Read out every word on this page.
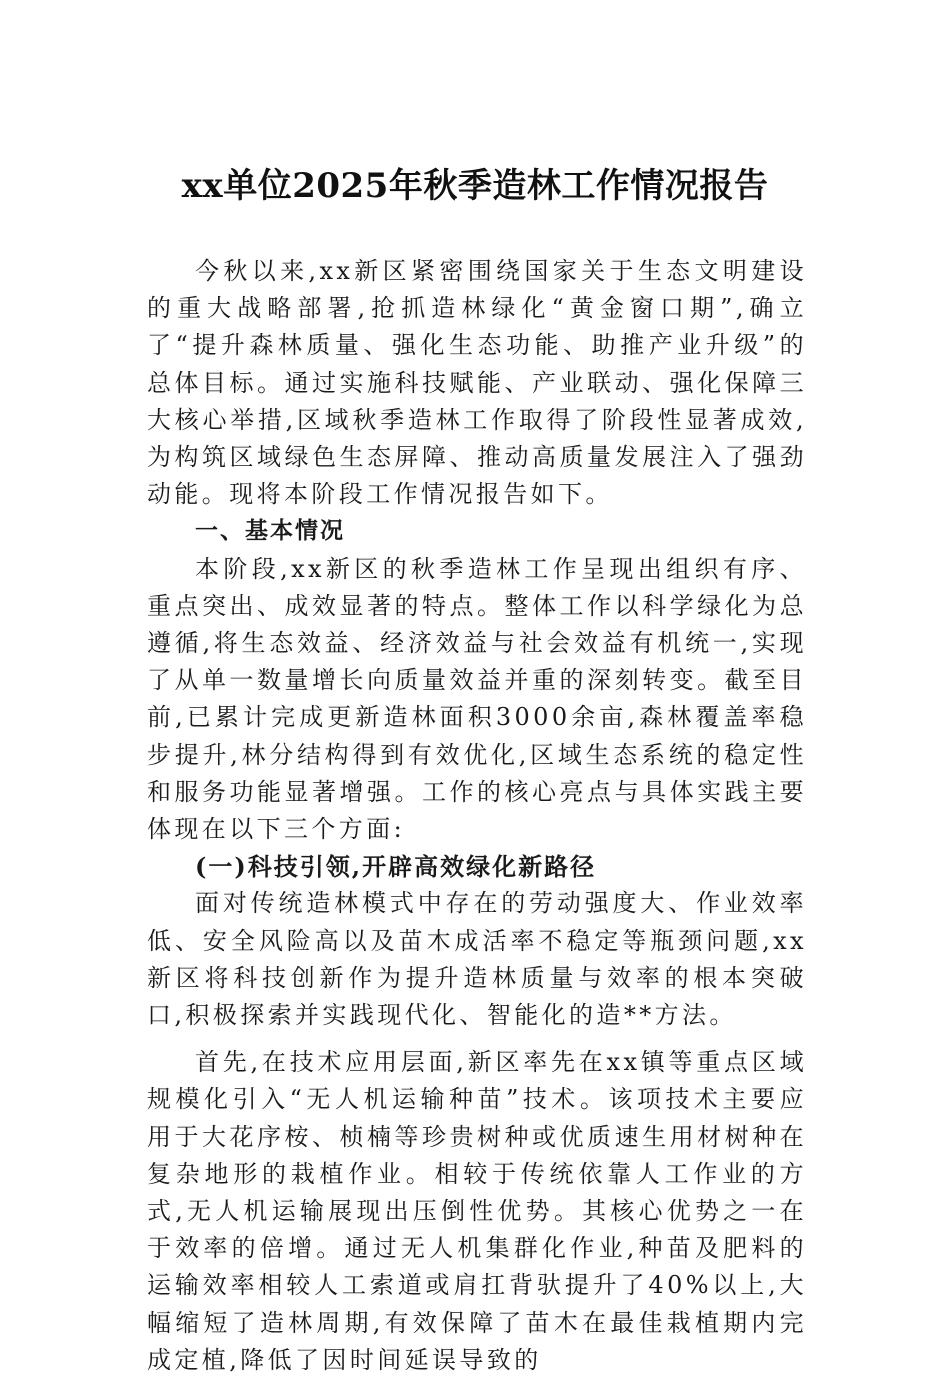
xx单位2025年秋季造林工作情况报告

今秋以来,xx新区紧密围绕国家关于生态文明建设的重大战略部署,抢抓造林绿化“黄金窗口期”,确立了“提升森林质量、强化生态功能、助推产业升级”的总体目标。通过实施科技赋能、产业联动、强化保障三大核心举措,区域秋季造林工作取得了阶段性显著成效,为构筑区域绿色生态屏障、推动高质量发展注入了强劲动能。现将本阶段工作情况报告如下。

一、基本情况

本阶段,xx新区的秋季造林工作呈现出组织有序、重点突出、成效显著的特点。整体工作以科学绿化为总遵循,将生态效益、经济效益与社会效益有机统一,实现了从单一数量增长向质量效益并重的深刻转变。截至目前,已累计完成更新造林面积3000余亩,森林覆盖率稳步提升,林分结构得到有效优化,区域生态系统的稳定性和服务功能显著增强。工作的核心亮点与具体实践主要体现在以下三个方面:

(一)科技引领,开辟高效绿化新路径

面对传统造林模式中存在的劳动强度大、作业效率低、安全风险高以及苗木成活率不稳定等瓶颈问题,xx新区将科技创新作为提升造林质量与效率的根本突破口,积极探索并实践现代化、智能化的造**方法。

首先,在技术应用层面,新区率先在xx镇等重点区域规模化引入“无人机运输种苗”技术。该项技术主要应用于大花序桉、桢楠等珍贵树种或优质速生用材树种在复杂地形的栽植作业。相较于传统依靠人工作业的方式,无人机运输展现出压倒性优势。其核心优势之一在于效率的倍增。通过无人机集群化作业,种苗及肥料的运输效率相较人工索道或肩扛背驮提升了40%以上,大幅缩短了造林周期,有效保障了苗木在最佳栽植期内完成定植,降低了因时间延误导致的
